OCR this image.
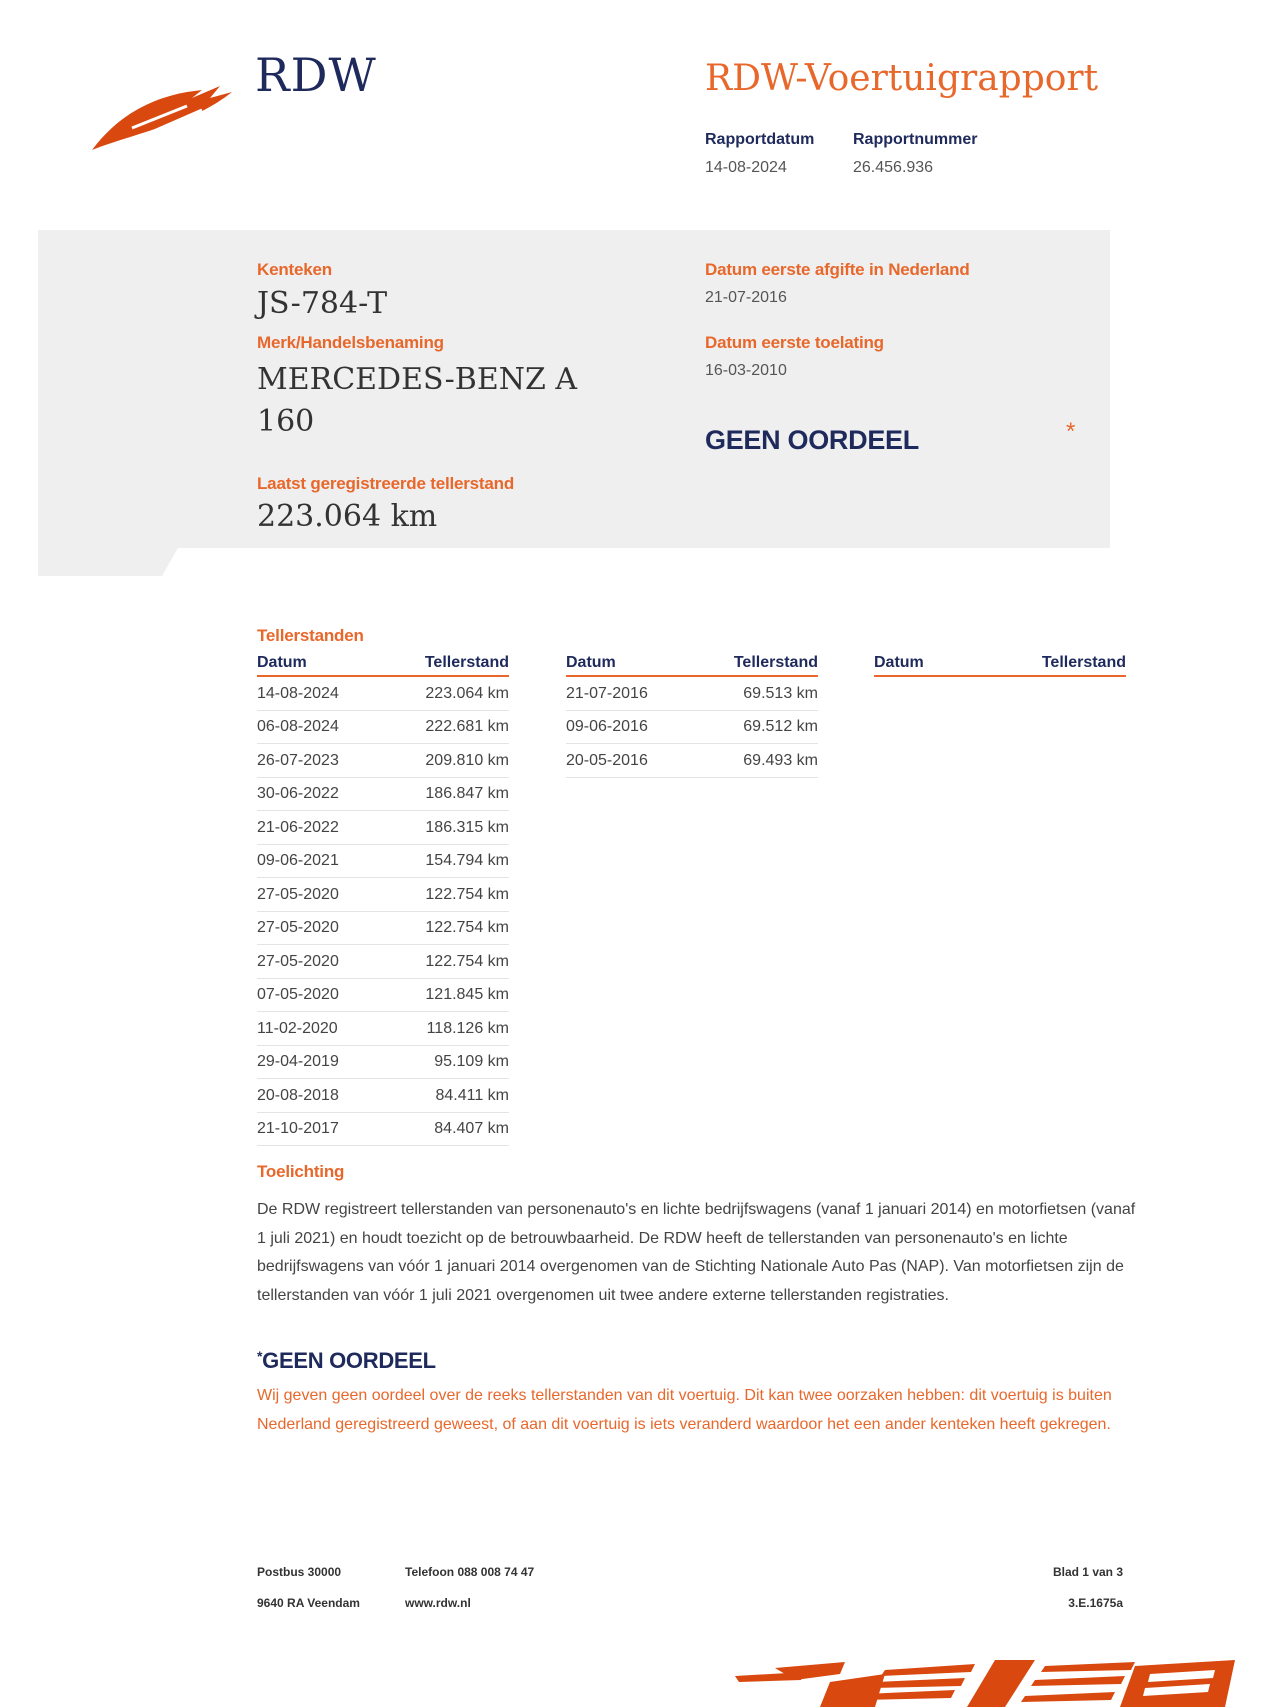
RDW	RDW-Voertuigrapport
Rapportdatum
14-08-2024
Rapportnummer
26.456.936
Kenteken
JS-784-T
Merk/Handelsbenaming
MERCEDES-BENZ A
160
Laatst geregistreerde tellerstand
223.064 km
Datum eerste afgifte in Nederland
21-07-2016
Datum eerste toelating
16-03-2010
GEEN OORDEEL	*
Tellerstanden
Datum	Tellerstand
14-08-2024	223.064 km
06-08-2024	222.681 km
26-07-2023	209.810 km
30-06-2022	186.847 km
21-06-2022	186.315 km
09-06-2021	154.794 km
27-05-2020	122.754 km
27-05-2020	122.754 km
27-05-2020	122.754 km
07-05-2020	121.845 km
11-02-2020	118.126 km
29-04-2019	95.109 km
20-08-2018	84.411 km
21-10-2017	84.407 km
Datum	Tellerstand
21-07-2016	69.513 km
09-06-2016	69.512 km
20-05-2016	69.493 km
Datum	Tellerstand
Toelichting
De RDW registreert tellerstanden van personenauto's en lichte bedrijfswagens (vanaf 1 januari 2014) en motorfietsen (vanaf 1 juli 2021) en houdt toezicht op de betrouwbaarheid. De RDW heeft de tellerstanden van personenauto's en lichte bedrijfswagens van vóór 1 januari 2014 overgenomen van de Stichting Nationale Auto Pas (NAP). Van motorfietsen zijn de tellerstanden van vóór 1 juli 2021 overgenomen uit twee andere externe tellerstanden registraties.
*GEEN OORDEEL
Wij geven geen oordeel over de reeks tellerstanden van dit voertuig. Dit kan twee oorzaken hebben: dit voertuig is buiten Nederland geregistreerd geweest, of aan dit voertuig is iets veranderd waardoor het een ander kenteken heeft gekregen.
Postbus 30000
9640 RA Veendam
Telefoon 088 008 74 47
www.rdw.nl
Blad 1 van 3
3.E.1675a
